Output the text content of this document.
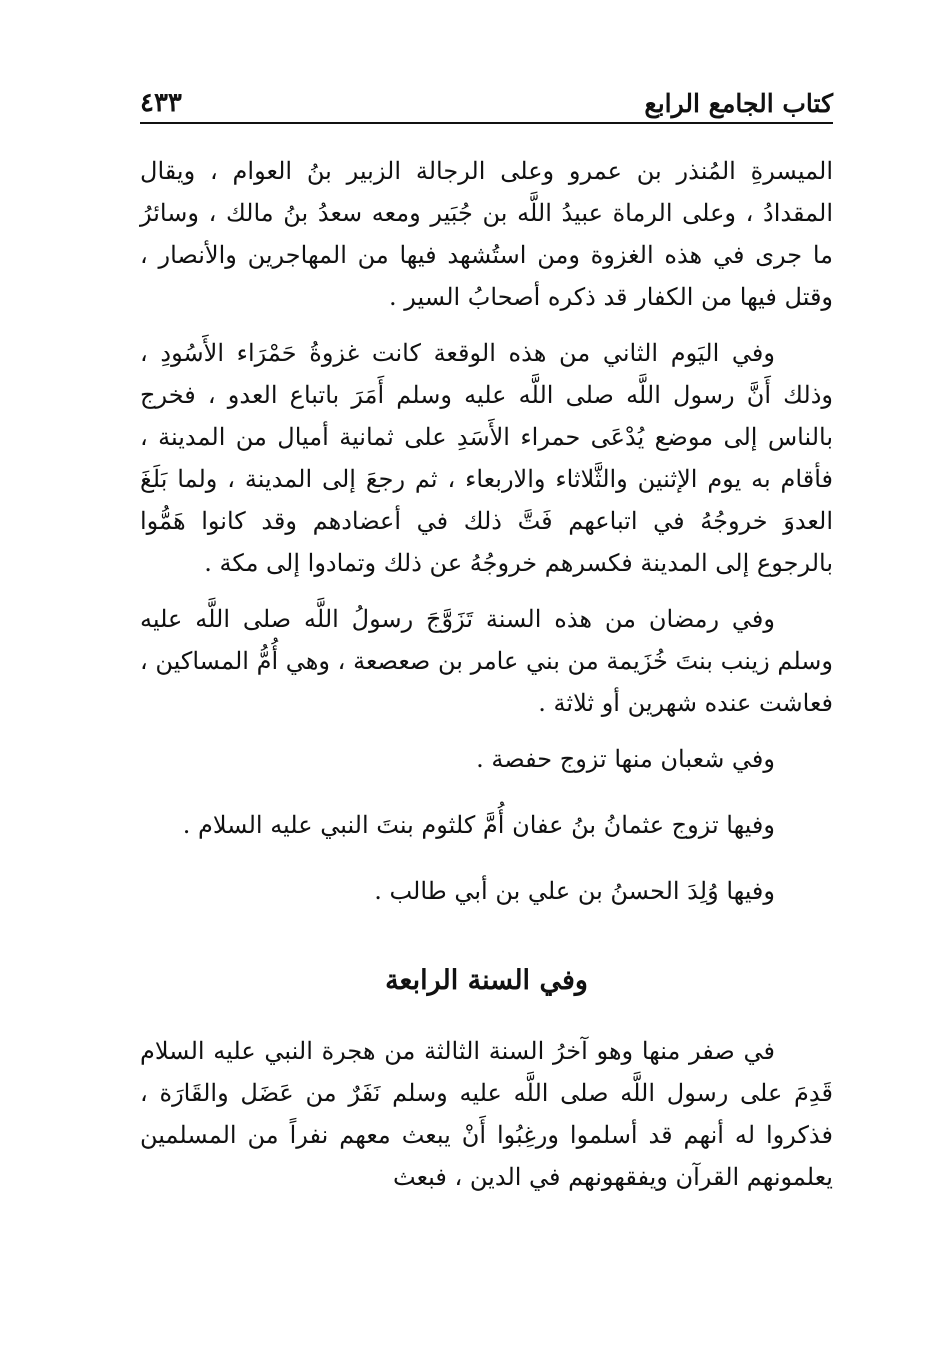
كتاب الجامع الرابع
٤٣٣

الميسرةِ المُنذر بن عمرو وعلى الرجالة الزبير بنُ العوام ، ويقال المقدادُ ، وعلى الرماة عبيدُ اللَّه بن جُبَير ومعه سعدُ بنُ مالك ، وسائرُ ما جرى في هذه الغزوة ومن استُشهد فيها من المهاجرين والأنصار ، وقتل فيها من الكفار قد ذكره أصحابُ السير .

وفي اليَوم الثاني من هذه الوقعة كانت غزوةُ حَمْرَاء الأَسُودِ ، وذلك أَنَّ رسول اللَّه صلى اللَّه عليه وسلم أَمَرَ باتباع العدو ، فخرج بالناس إلى موضع يُدْعَى حمراء الأَسَدِ على ثمانية أميال من المدينة ، فأقام به يوم الإثنين والثَّلاثاء والاربعاء ، ثم رجعَ إلى المدينة ، ولما بَلَغَ العدوَ خروجُهُ في اتباعهم فَتَّ ذلك في أعضادهم وقد كانوا هَمُّوا بالرجوع إلى المدينة فكسرهم خروجُهُ عن ذلك وتمادوا إلى مكة .

وفي رمضان من هذه السنة تَزَوَّجَ رسولُ اللَّه صلى اللَّه عليه وسلم زينب بنتَ خُزَيمة من بني عامر بن صعصعة ، وهي أُمُّ المساكين ، فعاشت عنده شهرين أو ثلاثة .

وفي شعبان منها تزوج حفصة .

وفيها تزوج عثمانُ بنُ عفان أُمَّ كلثوم بنتَ النبي عليه السلام .

وفيها وُلِدَ الحسنُ بن علي بن أبي طالب .

وفي السنة الرابعة

في صفر منها وهو آخرُ السنة الثالثة من هجرة النبي عليه السلام قَدِمَ على رسول اللَّه صلى اللَّه عليه وسلم نَفَرٌ من عَضَل والقَارَة ، فذكروا له أنهم قد أسلموا ورغِبُوا أَنْ يبعث معهم نفراً من المسلمين يعلمونهم القرآن ويفقهونهم في الدين ، فبعث
